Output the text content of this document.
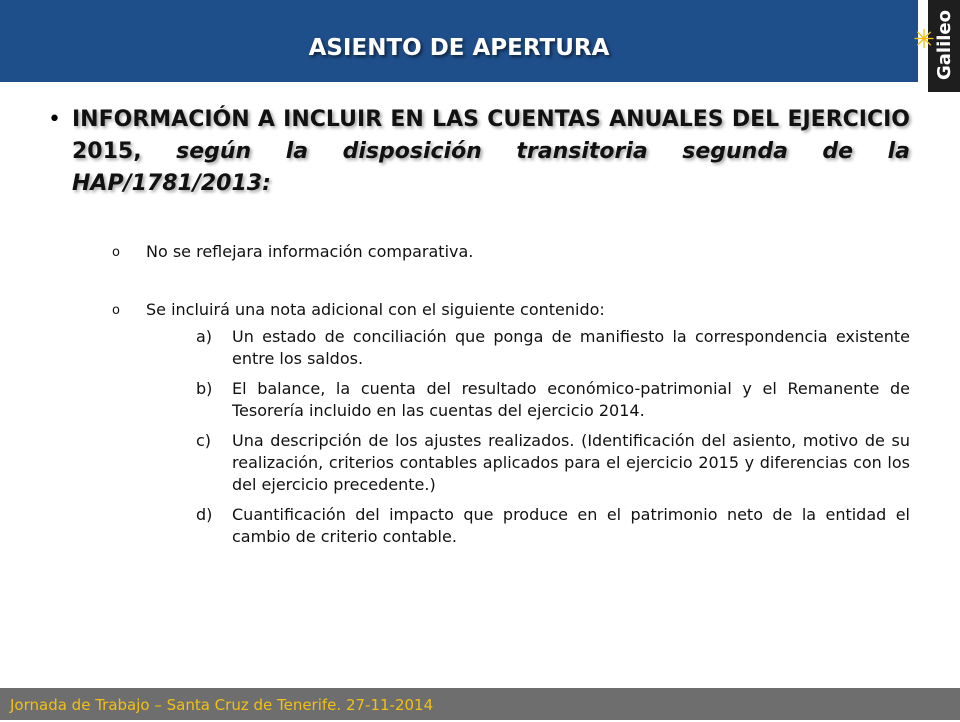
ASIENTO DE APERTURA	Galileo
✳
• INFORMACIÓN A INCLUIR EN LAS CUENTAS ANUALES DEL EJERCICIO 2015, según la disposición transitoria segunda de la HAP/1781/2013:
o No se reflejara información comparativa.
o Se incluirá una nota adicional con el siguiente contenido:
a)	Un estado de conciliación que ponga de manifiesto la correspondencia existente entre los saldos.
b)	El balance, la cuenta del resultado económico-patrimonial y el Remanente de Tesorería incluido en las cuentas del ejercicio 2014.
c)	Una descripción de los ajustes realizados. (Identificación del asiento, motivo de su realización, criterios contables aplicados para el ejercicio 2015 y diferencias con los del ejercicio precedente.)
d)	Cuantificación del impacto que produce en el patrimonio neto de la entidad el cambio de criterio contable.
Jornada de Trabajo – Santa Cruz de Tenerife. 27-11-2014
